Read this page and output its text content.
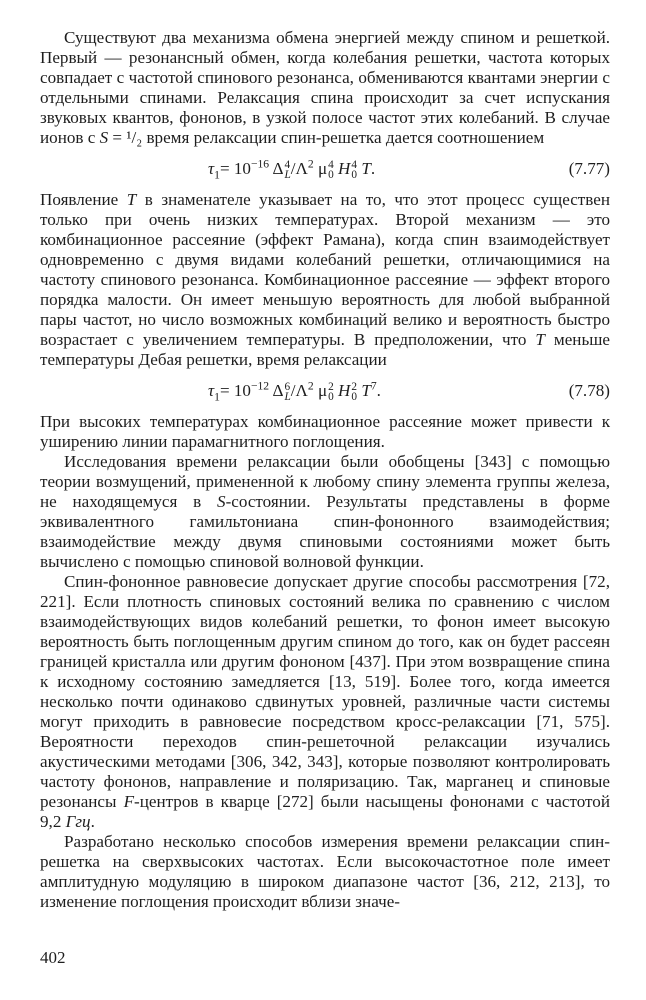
Существуют два механизма обмена энергией между спином и решеткой. Первый — резонансный обмен, когда колебания решетки, частота которых совпадает с частотой спинового резонанса, обмениваются квантами энергии с отдельными спинами. Релаксация спина происходит за счет испускания звуковых квантов, фононов, в узкой полосе частот этих колебаний. В случае ионов с S = ¹/₂ время релаксации спин-решетка дается соотношением

$\tau_1= 10^{-16}$ Δ 4
$L/\Lambda^2$ μ 4
0 H 4
0 T.	(7.77)

Появление T в знаменателе указывает на то, что этот процесс существен только при очень низких температурах. Второй механизм — это комбинационное рассеяние (эффект Рамана), когда спин взаимодействует одновременно с двумя видами колебаний решетки, отличающимися на частоту спинового резонанса. Комбинационное рассеяние — эффект второго порядка малости. Он имеет меньшую вероятность для любой выбранной пары частот, но число возможных комбинаций велико и вероятность быстро возрастает с увеличением температуры. В предположении, что T меньше температуры Дебая решетки, время релаксации

$\tau_1= 10^{-12}$ Δ 6
$L/\Lambda^2$ μ 2
0 H 2
0 $T^7$.	(7.78)

При высоких температурах комбинационное рассеяние может привести к уширению линии парамагнитного поглощения.

Исследования времени релаксации были обобщены [343] с помощью теории возмущений, примененной к любому спину элемента группы железа, не находящемуся в S-состоянии. Результаты представлены в форме эквивалентного гамильтониана спин-фононного взаимодействия; взаимодействие между двумя спиновыми состояниями может быть вычислено с помощью спиновой волновой функции.

Спин-фононное равновесие допускает другие способы рассмотрения [72, 221]. Если плотность спиновых состояний велика по сравнению с числом взаимодействующих видов колебаний решетки, то фонон имеет высокую вероятность быть поглощенным другим спином до того, как он будет рассеян границей кристалла или другим фононом [437]. При этом возвращение спина к исходному состоянию замедляется [13, 519]. Более того, когда имеется несколько почти одинаково сдвинутых уровней, различные части системы могут приходить в равновесие посредством кросс-релаксации [71, 575]. Вероятности переходов спин-решеточной релаксации изучались акустическими методами [306, 342, 343], которые позволяют контролировать частоту фононов, направление и поляризацию. Так, марганец и спиновые резонансы F-центров в кварце [272] были насыщены фононами с частотой 9,2 Ггц.

Разработано несколько способов измерения времени релаксации спин-решетка на сверхвысоких частотах. Если высокочастотное поле имеет амплитудную модуляцию в широком диапазоне частот [36, 212, 213], то изменение поглощения происходит вблизи значе-

402
